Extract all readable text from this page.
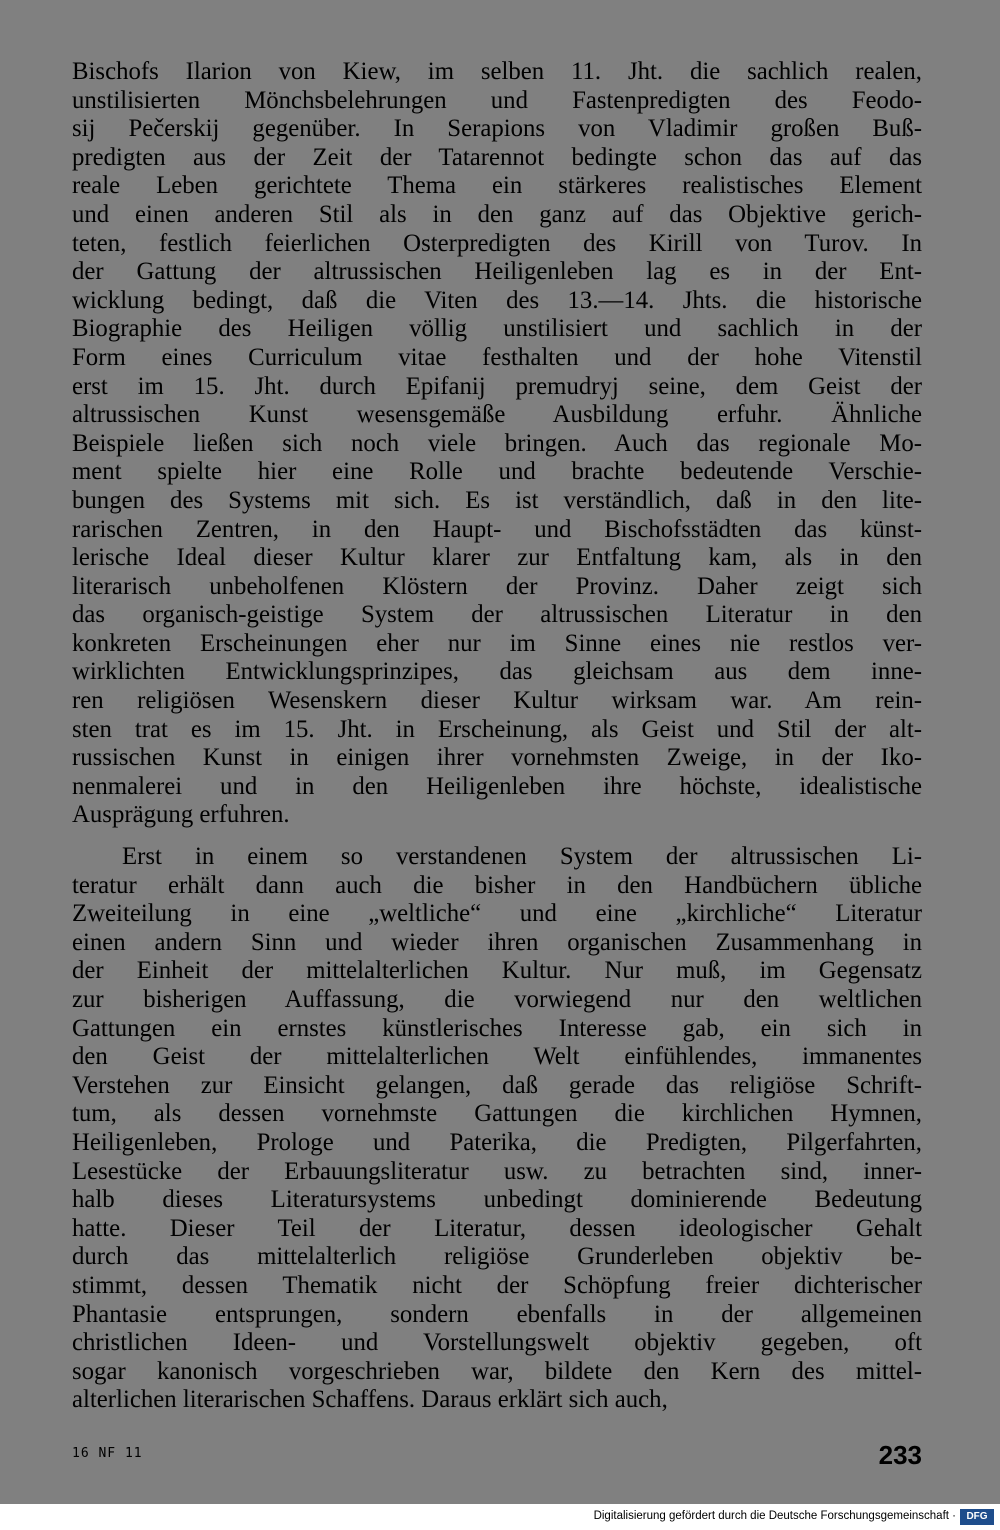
Bischofs Ilarion von Kiew, im selben 11. Jht. die sachlich realen,
unstilisierten Mönchsbelehrungen und Fastenpredigten des Feodo-
sij Pečerskij gegenüber. In Serapions von Vladimir großen Buß-
predigten aus der Zeit der Tatarennot bedingte schon das auf das
reale Leben gerichtete Thema ein stärkeres realistisches Element
und einen anderen Stil als in den ganz auf das Objektive gerich-
teten, festlich feierlichen Osterpredigten des Kirill von Turov. In
der Gattung der altrussischen Heiligenleben lag es in der Ent-
wicklung bedingt, daß die Viten des 13.—14. Jhts. die historische
Biographie des Heiligen völlig unstilisiert und sachlich in der
Form eines Curriculum vitae festhalten und der hohe Vitenstil
erst im 15. Jht. durch Epifanij premudryj seine, dem Geist der
altrussischen Kunst wesensgemäße Ausbildung erfuhr. Ähnliche
Beispiele ließen sich noch viele bringen. Auch das regionale Mo-
ment spielte hier eine Rolle und brachte bedeutende Verschie-
bungen des Systems mit sich. Es ist verständlich, daß in den lite-
rarischen Zentren, in den Haupt- und Bischofsstädten das künst-
lerische Ideal dieser Kultur klarer zur Entfaltung kam, als in den
literarisch unbeholfenen Klöstern der Provinz. Daher zeigt sich
das organisch-geistige System der altrussischen Literatur in den
konkreten Erscheinungen eher nur im Sinne eines nie restlos ver-
wirklichten Entwicklungsprinzipes, das gleichsam aus dem inne-
ren religiösen Wesenskern dieser Kultur wirksam war. Am rein-
sten trat es im 15. Jht. in Erscheinung, als Geist und Stil der alt-
russischen Kunst in einigen ihrer vornehmsten Zweige, in der Iko-
nenmalerei und in den Heiligenleben ihre höchste, idealistische
Ausprägung erfuhren.
Erst in einem so verstandenen System der altrussischen Li-
teratur erhält dann auch die bisher in den Handbüchern übliche
Zweiteilung in eine „weltliche“ und eine „kirchliche“ Literatur
einen andern Sinn und wieder ihren organischen Zusammenhang in
der Einheit der mittelalterlichen Kultur. Nur muß, im Gegensatz
zur bisherigen Auffassung, die vorwiegend nur den weltlichen
Gattungen ein ernstes künstlerisches Interesse gab, ein sich in
den Geist der mittelalterlichen Welt einfühlendes, immanentes
Verstehen zur Einsicht gelangen, daß gerade das religiöse Schrift-
tum, als dessen vornehmste Gattungen die kirchlichen Hymnen,
Heiligenleben, Prologe und Paterika, die Predigten, Pilgerfahrten,
Lesestücke der Erbauungsliteratur usw. zu betrachten sind, inner-
halb dieses Literatursystems unbedingt dominierende Bedeutung
hatte. Dieser Teil der Literatur, dessen ideologischer Gehalt
durch das mittelalterlich religiöse Grunderleben objektiv be-
stimmt, dessen Thematik nicht der Schöpfung freier dichterischer
Phantasie entsprungen, sondern ebenfalls in der allgemeinen
christlichen Ideen- und Vorstellungswelt objektiv gegeben, oft
sogar kanonisch vorgeschrieben war, bildete den Kern des mittel-
alterlichen literarischen Schaffens. Daraus erklärt sich auch,
16 NF 11	233
Digitalisierung gefördert durch die Deutsche Forschungsgemeinschaft ·	DFG
